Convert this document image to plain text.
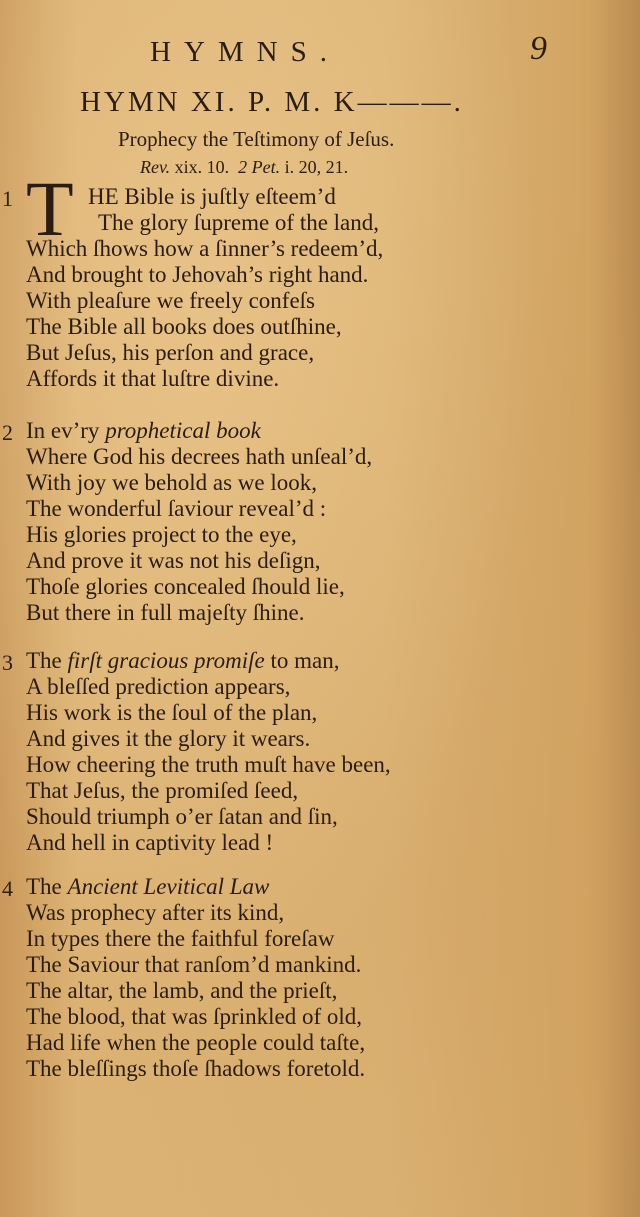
HYMNS.	9
HYMN XI. P. M. K———.
Prophecy the Teſtimony of Jeſus.
Rev. xix. 10. 2 Pet. i. 20, 21.
1 T HE Bible is juſtly eſteem’d
The glory ſupreme of the land,
Which ſhows how a ſinner’s redeem’d,
And brought to Jehovah’s right hand.
With pleaſure we freely confeſs
The Bible all books does outſhine,
But Jeſus, his perſon and grace,
Affords it that luſtre divine.
2 In ev’ry prophetical book
Where God his decrees hath unſeal’d,
With joy we behold as we look,
The wonderful ſaviour reveal’d :
His glories project to the eye,
And prove it was not his deſign,
Thoſe glories concealed ſhould lie,
But there in full majeſty ſhine.
3 The firſt gracious promiſe to man,
A bleſſed prediction appears,
His work is the ſoul of the plan,
And gives it the glory it wears.
How cheering the truth muſt have been,
That Jeſus, the promiſed ſeed,
Should triumph o’er ſatan and ſin,
And hell in captivity lead !
4 The Ancient Levitical Law
Was prophecy after its kind,
In types there the faithful foreſaw
The Saviour that ranſom’d mankind.
The altar, the lamb, and the prieſt,
The blood, that was ſprinkled of old,
Had life when the people could taſte,
The bleſſings thoſe ſhadows foretold.
